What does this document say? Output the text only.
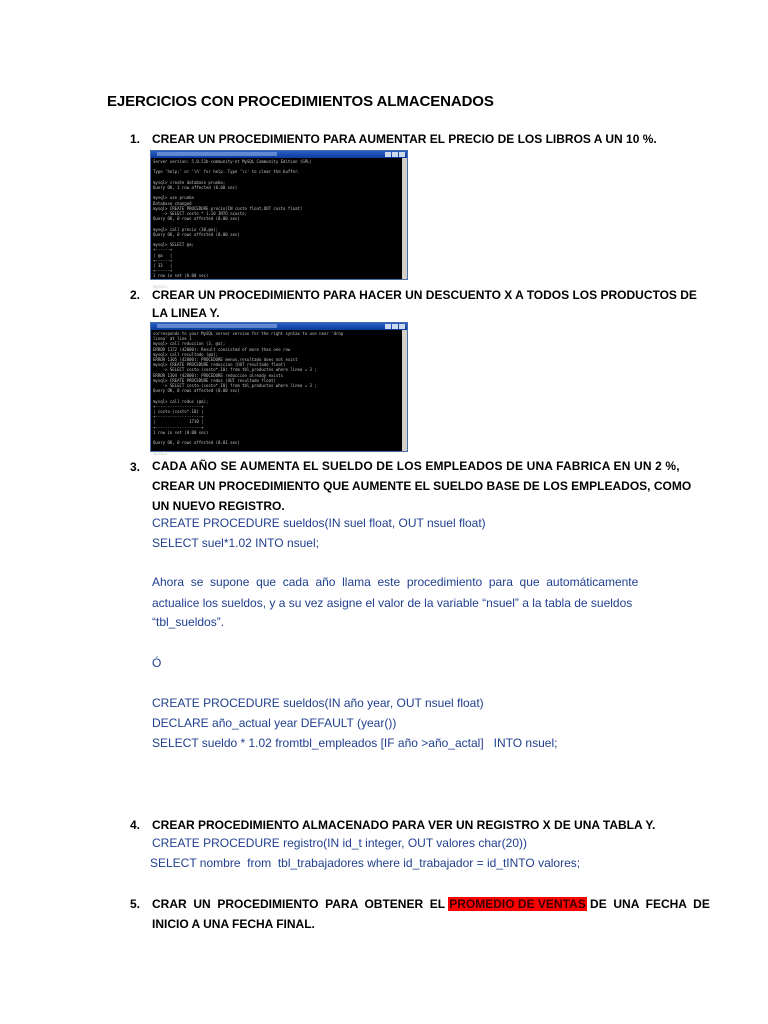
EJERCICIOS CON PROCEDIMIENTOS ALMACENADOS
1. CREAR UN PROCEDIMIENTO PARA AUMENTAR EL PRECIO DE LOS LIBROS A UN 10 %.
Server version: 5.0.51b-community-nt MySQL Community Edition (GPL)

Type 'help;' or '\h' for help. Type '\c' to clear the buffer.

mysql> create database prueba;
Query OK, 1 row affected (0.00 sec)

mysql> use prueba
Database changed
mysql> CREATE PROCEDURE precio(IN costo float,OUT costo float)
-> SELECT costo * 1.10 INTO ncosto;
Query OK, 0 rows affected (0.00 sec)

mysql> call precio (30,@a);
Query OK, 0 rows affected (0.00 sec)

mysql> SELECT @a;
+------+
| @a   |
+------+
| 33   |
+------+
1 row in set (0.00 sec)

mysql>
2. CREAR UN PROCEDIMIENTO PARA HACER UN DESCUENTO X A TODOS LOS PRODUCTOS DE
LA LINEA Y.
corresponds to your MySQL server version for the right syntax to use near 'drop
linea' at line 1
mysql> call reduccion (3, @a);
ERROR 1172 (42000): Result consisted of more than one row
mysql> call resultado (@a);
ERROR 1305 (42000): PROCEDURE menus.resultado does not exist
mysql> CREATE PROCEDURE reduccion (OUT resultado float)
-> SELECT costo-(costo*.10) from tbl_productos where linea = 3 ;
ERROR 1304 (42000): PROCEDURE reduccion already exists
mysql> CREATE PROCEDURE redus (OUT resultado float)
-> SELECT costo-(costo*.10) from tbl_productos where linea = 3 ;
Query OK, 0 rows affected (0.00 sec)

mysql> call redus (@a);
+-------------------+
| costo-(costo*.10) |
+-------------------+
|              1710 |
+-------------------+
1 row in set (0.00 sec)

Query OK, 0 rows affected (0.01 sec)

mysql>
3. CADA AÑO SE AUMENTA EL SUELDO DE LOS EMPLEADOS DE UNA FABRICA EN UN 2 %,
CREAR UN PROCEDIMIENTO QUE AUMENTE EL SUELDO BASE DE LOS EMPLEADOS, COMO
UN NUEVO REGISTRO.
CREATE PROCEDURE sueldos(IN suel float, OUT nsuel float)
SELECT suel*1.02 INTO nsuel;
Ahora  se  supone  que  cada  año  llama  este  procedimiento  para  que  automáticamente
actualice los sueldos, y a su vez asigne el valor de la variable “nsuel” a la tabla de sueldos
“tbl_sueldos”.
Ó
CREATE PROCEDURE sueldos(IN año year, OUT nsuel float)
DECLARE año_actual year DEFAULT (year())
SELECT sueldo * 1.02 fromtbl_empleados [IF año >año_actal]   INTO nsuel;
4. CREAR PROCEDIMIENTO ALMACENADO PARA VER UN REGISTRO X DE UNA TABLA Y.
CREATE PROCEDURE registro(IN id_t integer, OUT valores char(20))
SELECT nombre  from  tbl_trabajadores where id_trabajador = id_tINTO valores;
5. CRAR  UN  PROCEDIMIENTO  PARA  OBTENER  EL PROMEDIO DE VENTAS DE  UNA  FECHA  DE
INICIO A UNA FECHA FINAL.
